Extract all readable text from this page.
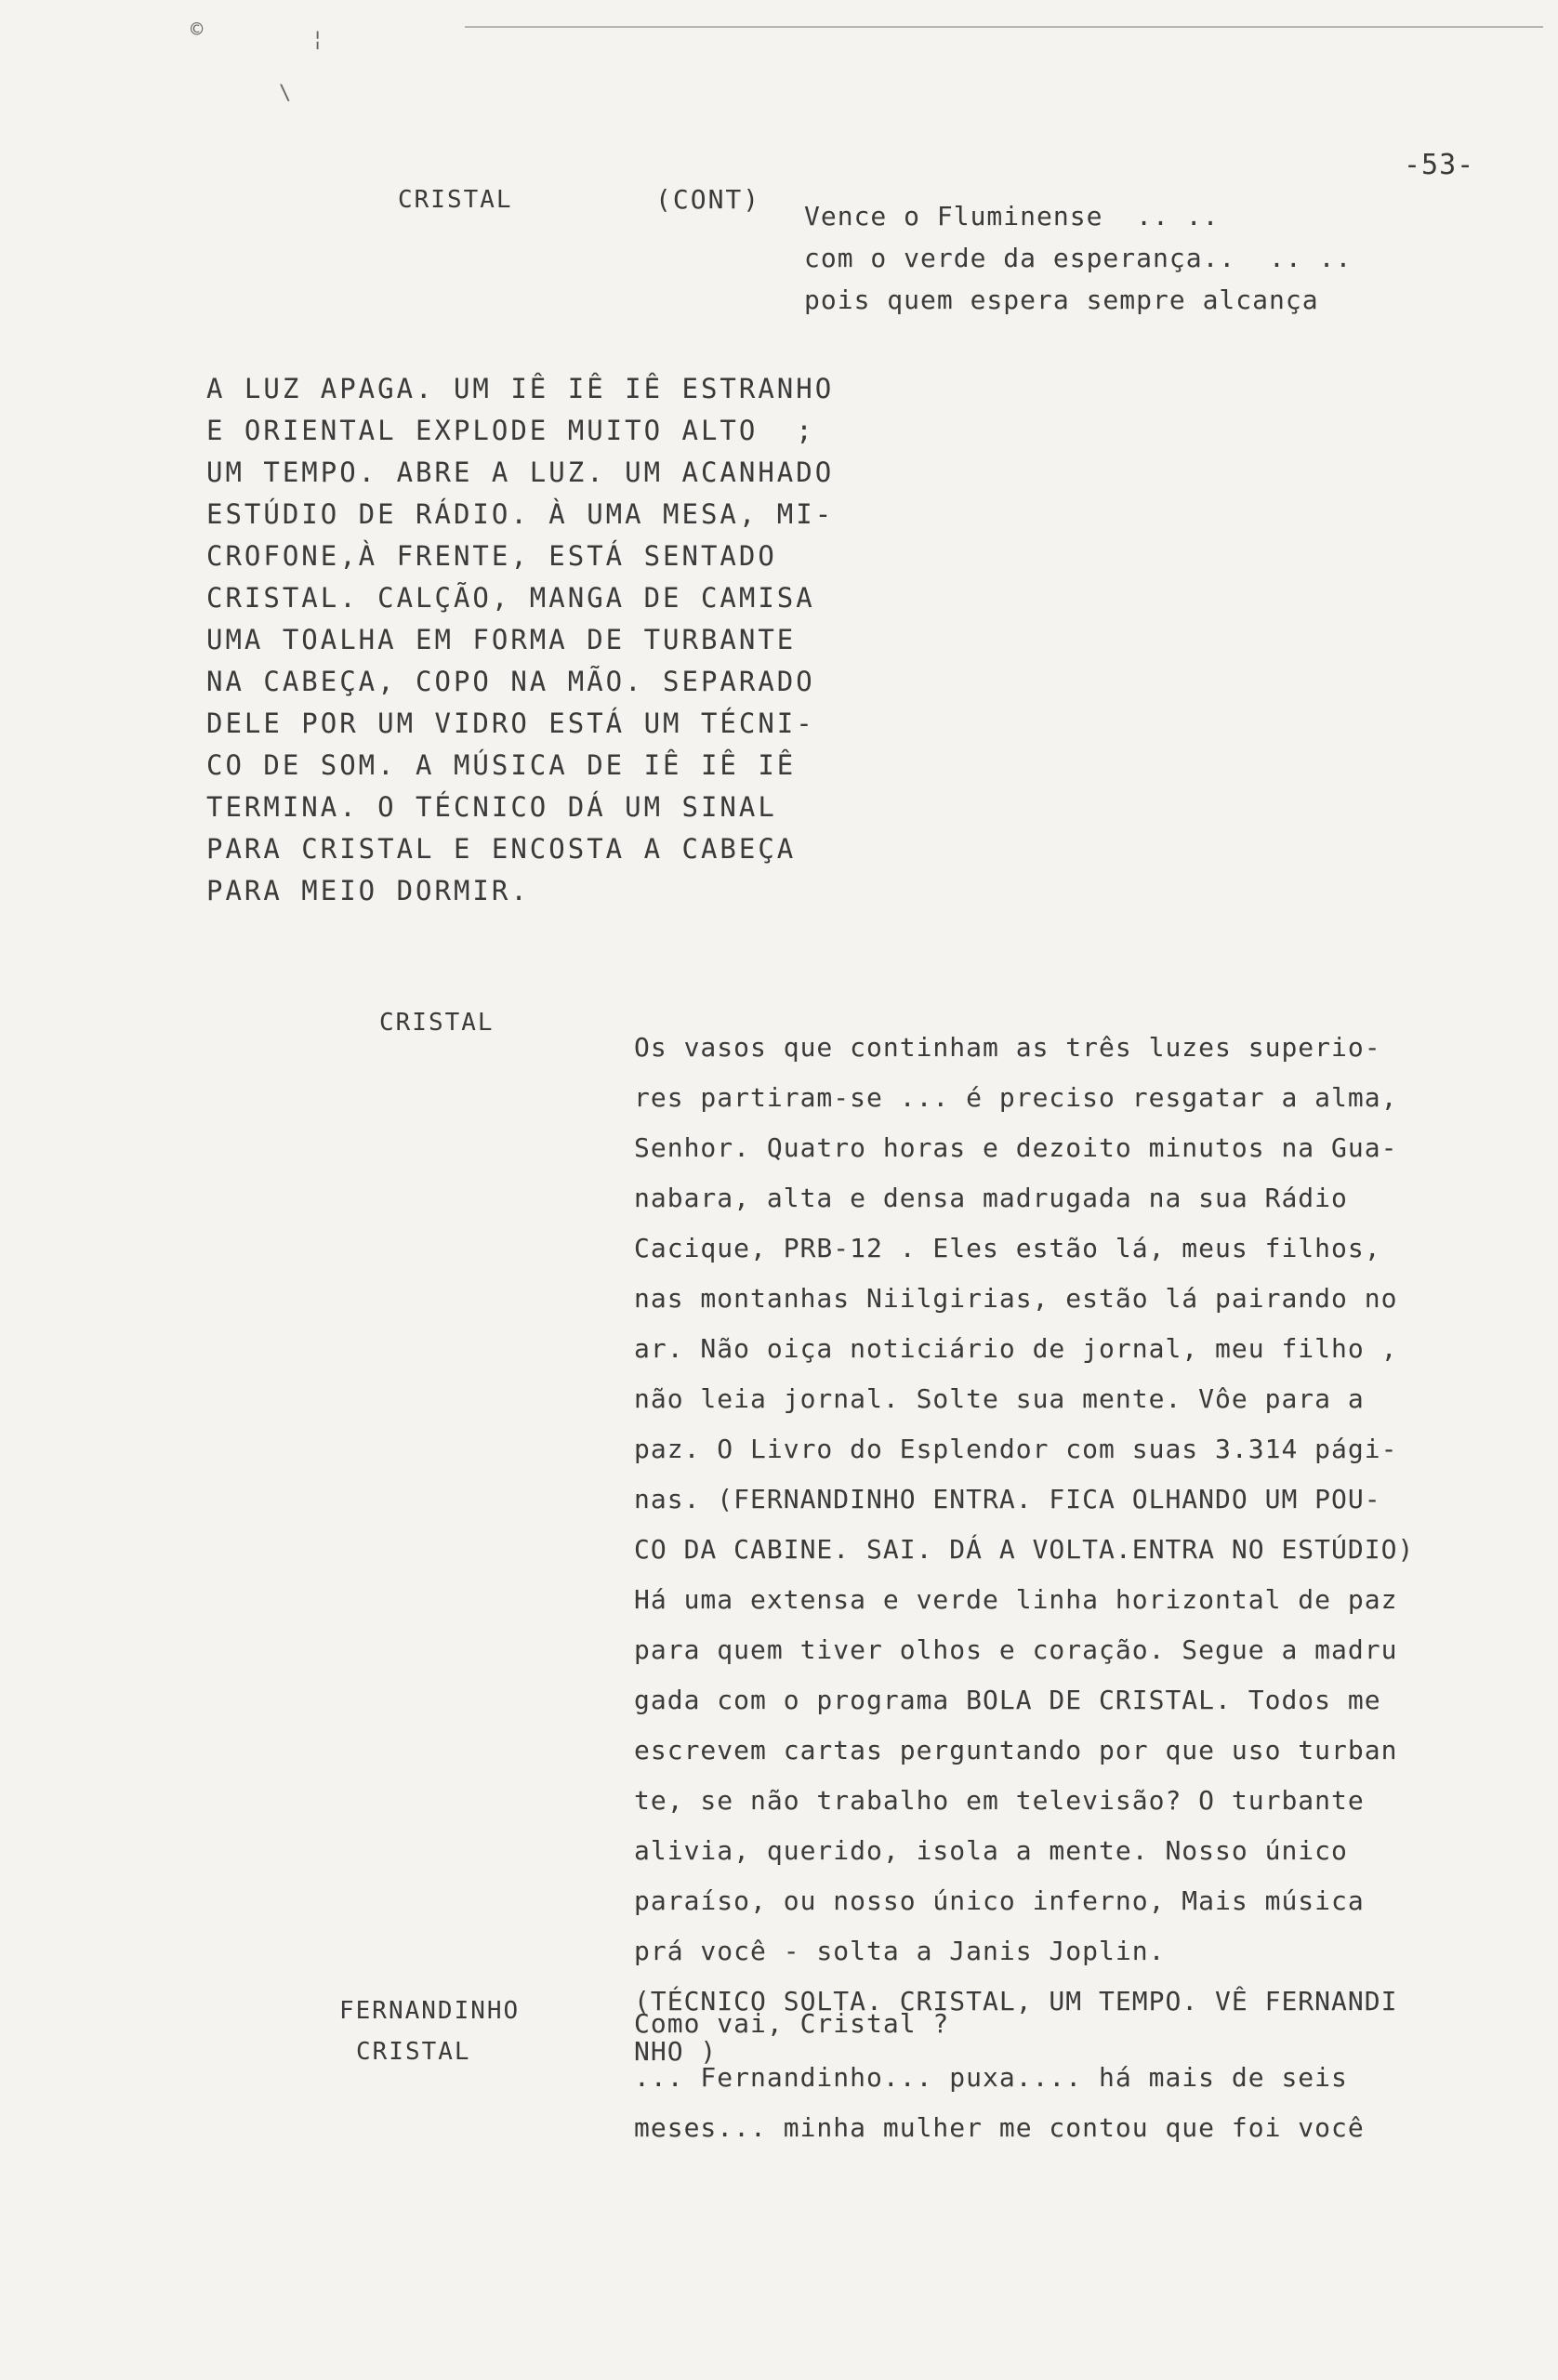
©	¦
\
-53-
CRISTAL	(CONT)
Vence o Fluminense  .. ..
com o verde da esperança..  .. ..
pois quem espera sempre alcança
A LUZ APAGA. UM IÊ IÊ IÊ ESTRANHO
E ORIENTAL EXPLODE MUITO ALTO  ;
UM TEMPO. ABRE A LUZ. UM ACANHADO
ESTÚDIO DE RÁDIO. À UMA MESA, MI-
CROFONE,À FRENTE, ESTÁ SENTADO
CRISTAL. CALÇÃO, MANGA DE CAMISA
UMA TOALHA EM FORMA DE TURBANTE
NA CABEÇA, COPO NA MÃO. SEPARADO
DELE POR UM VIDRO ESTÁ UM TÉCNI-
CO DE SOM. A MÚSICA DE IÊ IÊ IÊ
TERMINA. O TÉCNICO DÁ UM SINAL
PARA CRISTAL E ENCOSTA A CABEÇA
PARA MEIO DORMIR.
CRISTAL
Os vasos que continham as três luzes superio-
res partiram-se ... é preciso resgatar a alma,
Senhor. Quatro horas e dezoito minutos na Gua-
nabara, alta e densa madrugada na sua Rádio
Cacique, PRB-12 . Eles estão lá, meus filhos,
nas montanhas Niilgirias, estão lá pairando no
ar. Não oiça noticiário de jornal, meu filho ,
não leia jornal. Solte sua mente. Vôe para a
paz. O Livro do Esplendor com suas 3.314 pági-
nas. (FERNANDINHO ENTRA. FICA OLHANDO UM POU-
CO DA CABINE. SAI. DÁ A VOLTA.ENTRA NO ESTÚDIO)
Há uma extensa e verde linha horizontal de paz
para quem tiver olhos e coração. Segue a madru
gada com o programa BOLA DE CRISTAL. Todos me
escrevem cartas perguntando por que uso turban
te, se não trabalho em televisão? O turbante
alivia, querido, isola a mente. Nosso único
paraíso, ou nosso único inferno, Mais música
prá você - solta a Janis Joplin.
(TÉCNICO SOLTA. CRISTAL, UM TEMPO. VÊ FERNANDI
NHO )
FERNANDINHO	Como vai, Cristal ?
CRISTAL
... Fernandinho... puxa.... há mais de seis
meses... minha mulher me contou que foi você
